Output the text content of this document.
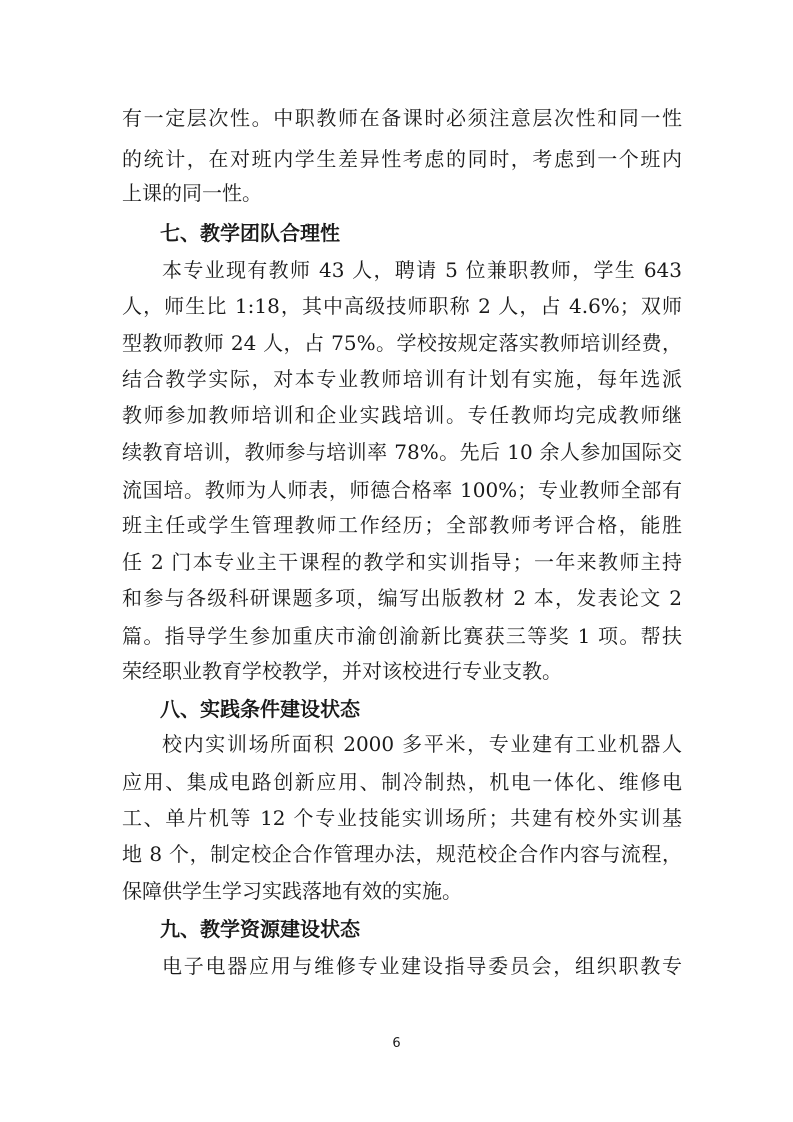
有一定层次性。中职教师在备课时必须注意层次性和同一性
的统计，在对班内学生差异性考虑的同时，考虑到一个班内
上课的同一性。
七、教学团队合理性
本专业现有教师 43 人，聘请 5 位兼职教师，学生 643
人，师生比 1:18，其中高级技师职称 2 人，占 4.6%；双师
型教师教师 24 人，占 75%。学校按规定落实教师培训经费，
结合教学实际，对本专业教师培训有计划有实施，每年选派
教师参加教师培训和企业实践培训。专任教师均完成教师继
续教育培训，教师参与培训率 78%。先后 10 余人参加国际交
流国培。教师为人师表，师德合格率 100%；专业教师全部有
班主任或学生管理教师工作经历；全部教师考评合格，能胜
任 2 门本专业主干课程的教学和实训指导；一年来教师主持
和参与各级科研课题多项，编写出版教材 2 本，发表论文 2
篇。指导学生参加重庆市渝创渝新比赛获三等奖 1 项。帮扶
荣经职业教育学校教学，并对该校进行专业支教。
八、实践条件建设状态
校内实训场所面积 2000 多平米，专业建有工业机器人
应用、集成电路创新应用、制冷制热，机电一体化、维修电
工、单片机等 12 个专业技能实训场所；共建有校外实训基
地 8 个，制定校企合作管理办法，规范校企合作内容与流程，
保障供学生学习实践落地有效的实施。
九、教学资源建设状态
电子电器应用与维修专业建设指导委员会，组织职教专
6
